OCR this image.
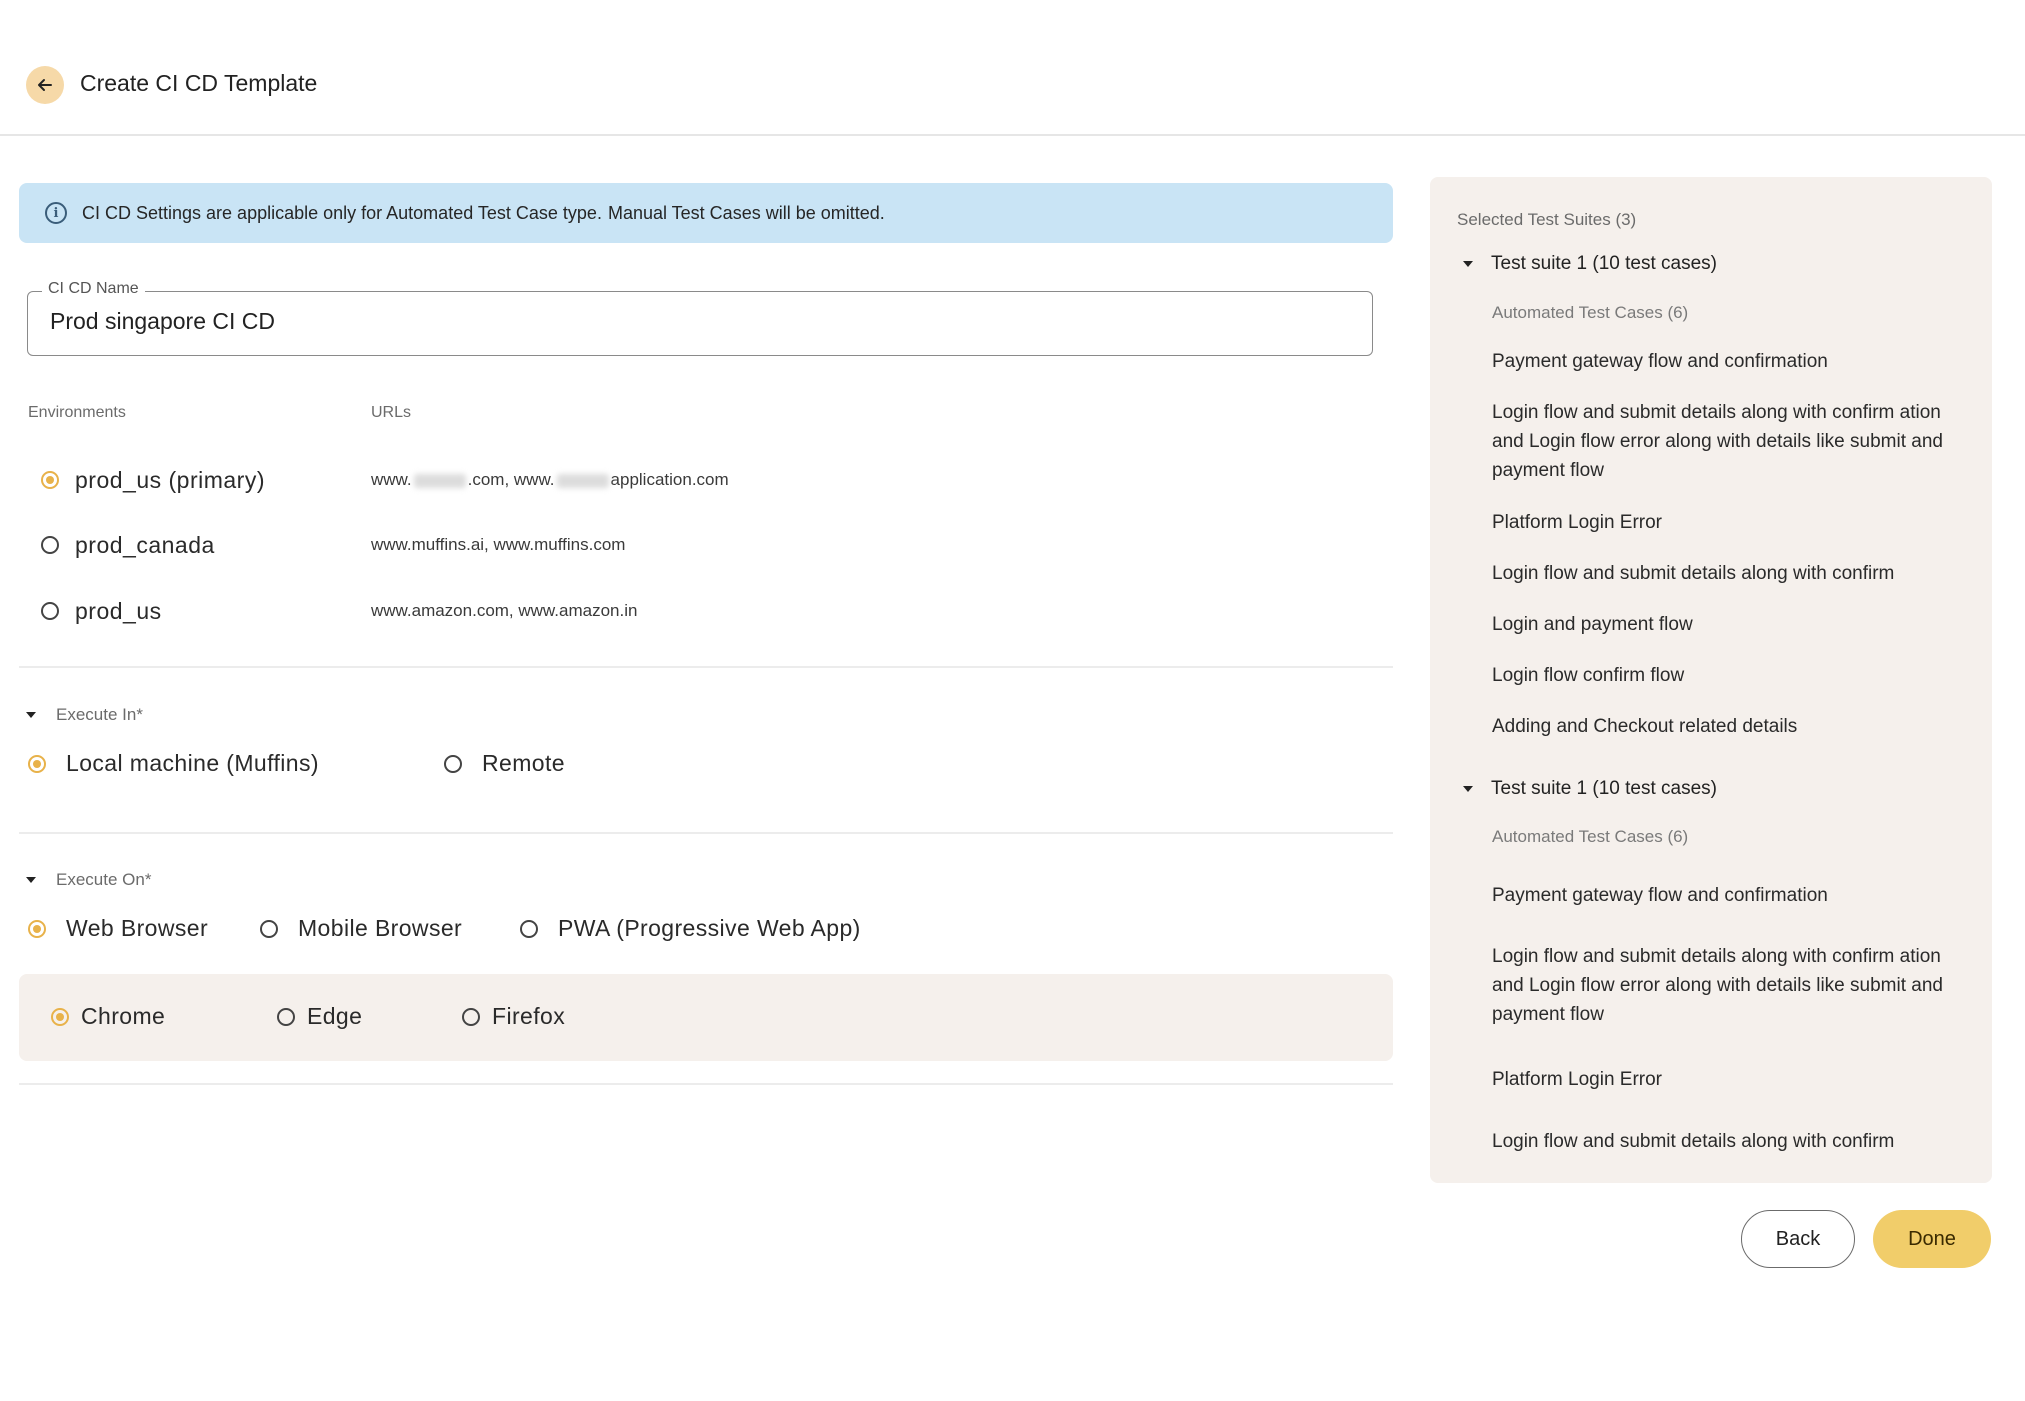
Create CI CD Template
i	CI CD Settings are applicable only for Automated Test Case type. Manual Test Cases will be omitted.
CI CD Name
Prod singapore CI CD
Environments	URLs
prod_us (primary)	www.	.com, www.	application.com
prod_canada	www.muffins.ai, www.muffins.com
prod_us	www.amazon.com, www.amazon.in
Execute In*
Local machine (Muffins)	Remote
Execute On*
Web Browser	Mobile Browser	PWA (Progressive Web App)
Chrome	Edge	Firefox
Selected Test Suites (3)
Test suite 1 (10 test cases)
Automated Test Cases (6)
Payment gateway flow and confirmation
Login flow and submit details along with confirm ation and Login flow error along with details like submit and payment flow
Platform Login Error
Login flow and submit details along with confirm
Login and payment flow
Login flow confirm flow
Adding and Checkout related details
Test suite 1 (10 test cases)
Automated Test Cases (6)
Payment gateway flow and confirmation
Login flow and submit details along with confirm ation and Login flow error along with details like submit and payment flow
Platform Login Error
Login flow and submit details along with confirm
Back	Done
